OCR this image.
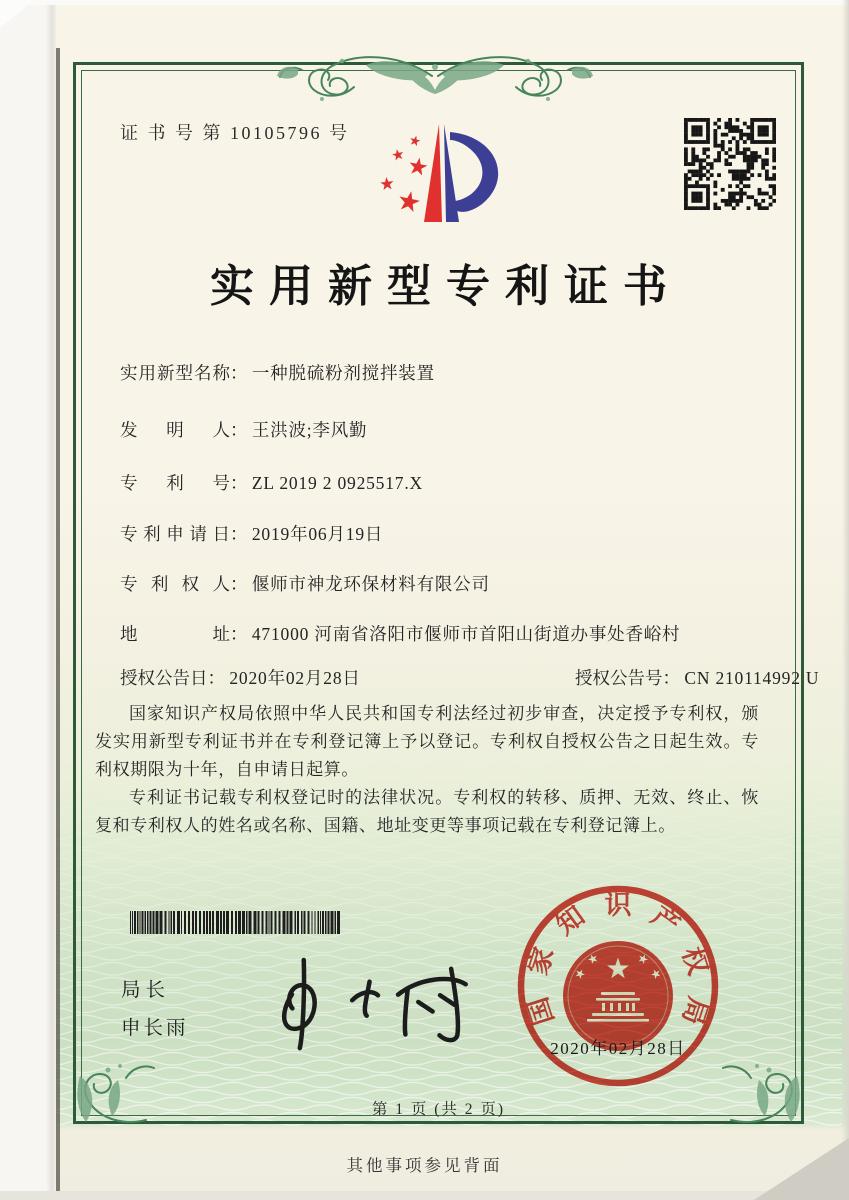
证 书 号 第 10105796 号
实用新型专利证书
实用新型名称： 一种脱硫粉剂搅拌装置
发明人： 王洪波;李风勤
专利号： ZL 2019 2 0925517.X
专利申请日： 2019年06月19日
专利权人： 偃师市神龙环保材料有限公司
地址： 471000 河南省洛阳市偃师市首阳山街道办事处香峪村
授权公告日： 2020年02月28日	授权公告号： CN 210114992 U

国家知识产权局依照中华人民共和国专利法经过初步审查，决定授予专利权，颁发实用新型专利证书并在专利登记簿上予以登记。专利权自授权公告之日起生效。专利权期限为十年，自申请日起算。

专利证书记载专利权登记时的法律状况。专利权的转移、质押、无效、终止、恢复和专利权人的姓名或名称、国籍、地址变更等事项记载在专利登记簿上。

局长
申长雨	国
家
知 识 产
权
局
2020年02月28日
第 1 页 (共 2 页)
其他事项参见背面
